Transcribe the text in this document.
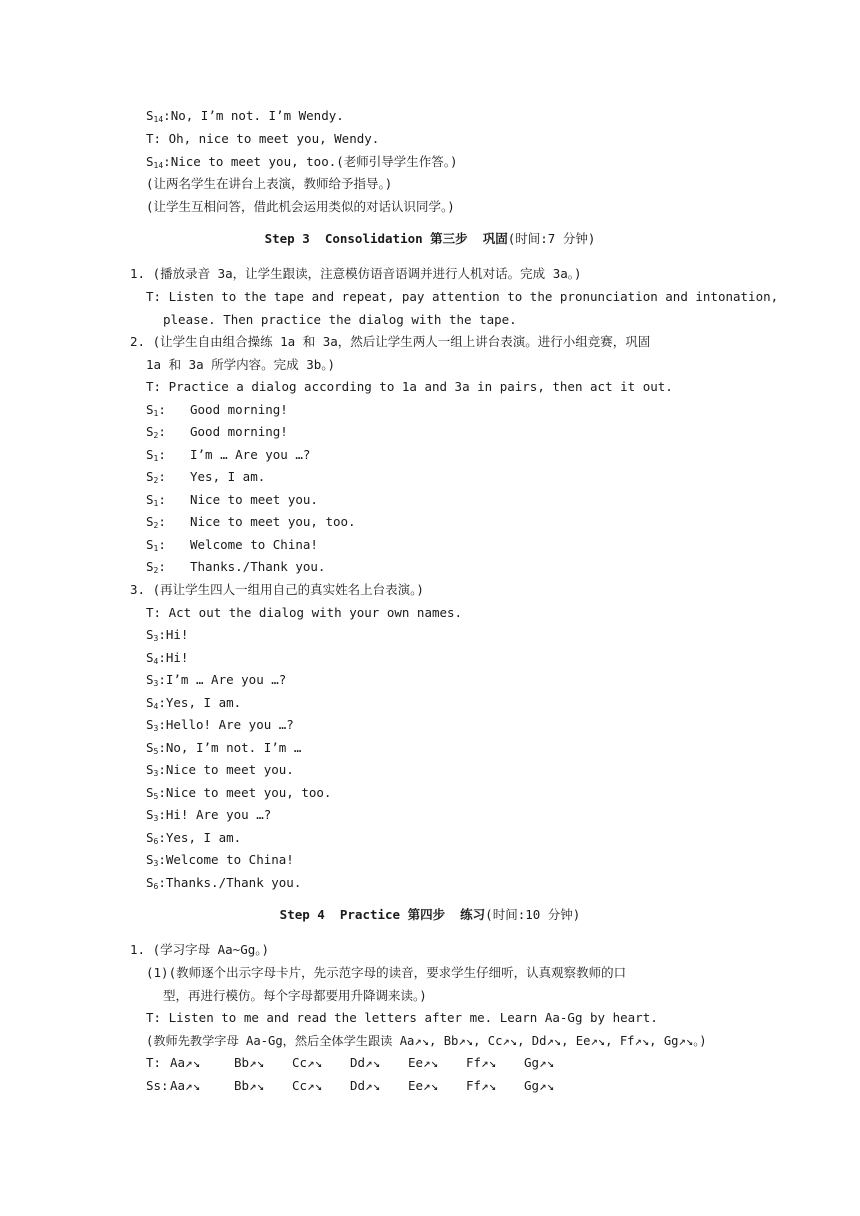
$S_{14}:No$, I’m not. I’m Wendy.
T: Oh, nice to meet you, Wendy.
$S_{14}:Nice$ to meet you, too.(老师引导学生作答。)
(让两名学生在讲台上表演，教师给予指导。)
(让学生互相问答，借此机会运用类似的对话认识同学。)
Step 3  Consolidation 第三步  巩固(时间:7 分钟)
1. (播放录音 3a，让学生跟读，注意模仿语音语调并进行人机对话。完成 3a。)
T: Listen to the tape and repeat, pay attention to the pronunciation and intonation,
please. Then practice the dialog with the tape.
2. (让学生自由组合操练 1a 和 3a，然后让学生两人一组上讲台表演。进行小组竞赛，巩固
1a 和 3a 所学内容。完成 3b。)
T: Practice a dialog according to 1a and 3a in pairs, then act it out.
$S_1$: Good morning!
$S_2$: Good morning!
$S_1$: I’m … Are you …?
$S_2$: Yes, I am.
$S_1$: Nice to meet you.
$S_2$: Nice to meet you, too.
$S_1$: Welcome to China!
$S_2$: Thanks./Thank you.
3. (再让学生四人一组用自己的真实姓名上台表演。)
T: Act out the dialog with your own names.
$S_3:Hi$!
$S_4:Hi$!
$S_3:I’m$ … Are you …?
$S_4:Yes$, I am.
$S_3:Hello$! Are you …?
$S_5:No$, I’m not. I’m …
$S_3:Nice$ to meet you.
$S_5:Nice$ to meet you, too.
$S_3:Hi$! Are you …?
$S_6:Yes$, I am.
$S_3:Welcome$ to China!
$S_6:Thanks$./Thank you.
Step 4  Practice 第四步  练习(时间:10 分钟)
1. (学习字母 Aa~Gg。)
(1)(教师逐个出示字母卡片，先示范字母的读音，要求学生仔细听，认真观察教师的口
型，再进行模仿。每个字母都要用升降调来读。)
T: Listen to me and read the letters after me. Learn Aa-Gg by heart.
(教师先教学字母 Aa-Gg，然后全体学生跟读 Aa↗↘, Bb↗↘, Cc↗↘, Dd↗↘, Ee↗↘, Ff↗↘, Gg↗↘。)
T: Aa↗↘	Bb↗↘ Cc↗↘ Dd↗↘ Ee↗↘ Ff↗↘ Gg↗↘
Ss: Aa↗↘	Bb↗↘ Cc↗↘ Dd↗↘ Ee↗↘ Ff↗↘ Gg↗↘
